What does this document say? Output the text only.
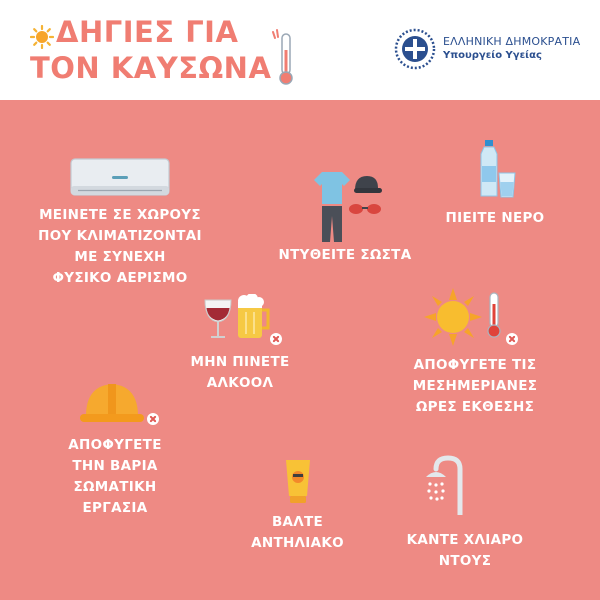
ΔΗΓΙΕΣ ΓΙΑ
ΤΟΝ ΚΑΥΣΩΝΑ
ΕΛΛΗΝΙΚΗ ΔΗΜΟΚΡΑΤΙΑ
Υπουργείο Υγείας
ΜΕΙΝΕΤΕ ΣΕ ΧΩΡΟΥΣ
ΠΟΥ ΚΛΙΜΑΤΙΖΟΝΤΑΙ
ΜΕ ΣΥΝΕΧΗ
ΦΥΣΙΚΟ ΑΕΡΙΣΜΟ
ΝΤΥΘΕΙΤΕ ΣΩΣΤΑ
ΠΙΕΙΤΕ ΝΕΡΟ
ΜΗΝ ΠΙΝΕΤΕ
ΑΛΚΟΟΛ
ΑΠΟΦΥΓΕΤΕ ΤΙΣ
ΜΕΣΗΜΕΡΙΑΝΕΣ
ΩΡΕΣ ΕΚΘΕΣΗΣ
ΑΠΟΦΥΓΕΤΕ
ΤΗΝ ΒΑΡΙΑ
ΣΩΜΑΤΙΚΗ
ΕΡΓΑΣΙΑ
ΒΑΛΤΕ
ΑΝΤΗΛΙΑΚΟ	ΚΑΝΤΕ ΧΛΙΑΡΟ
ΝΤΟΥΣ
